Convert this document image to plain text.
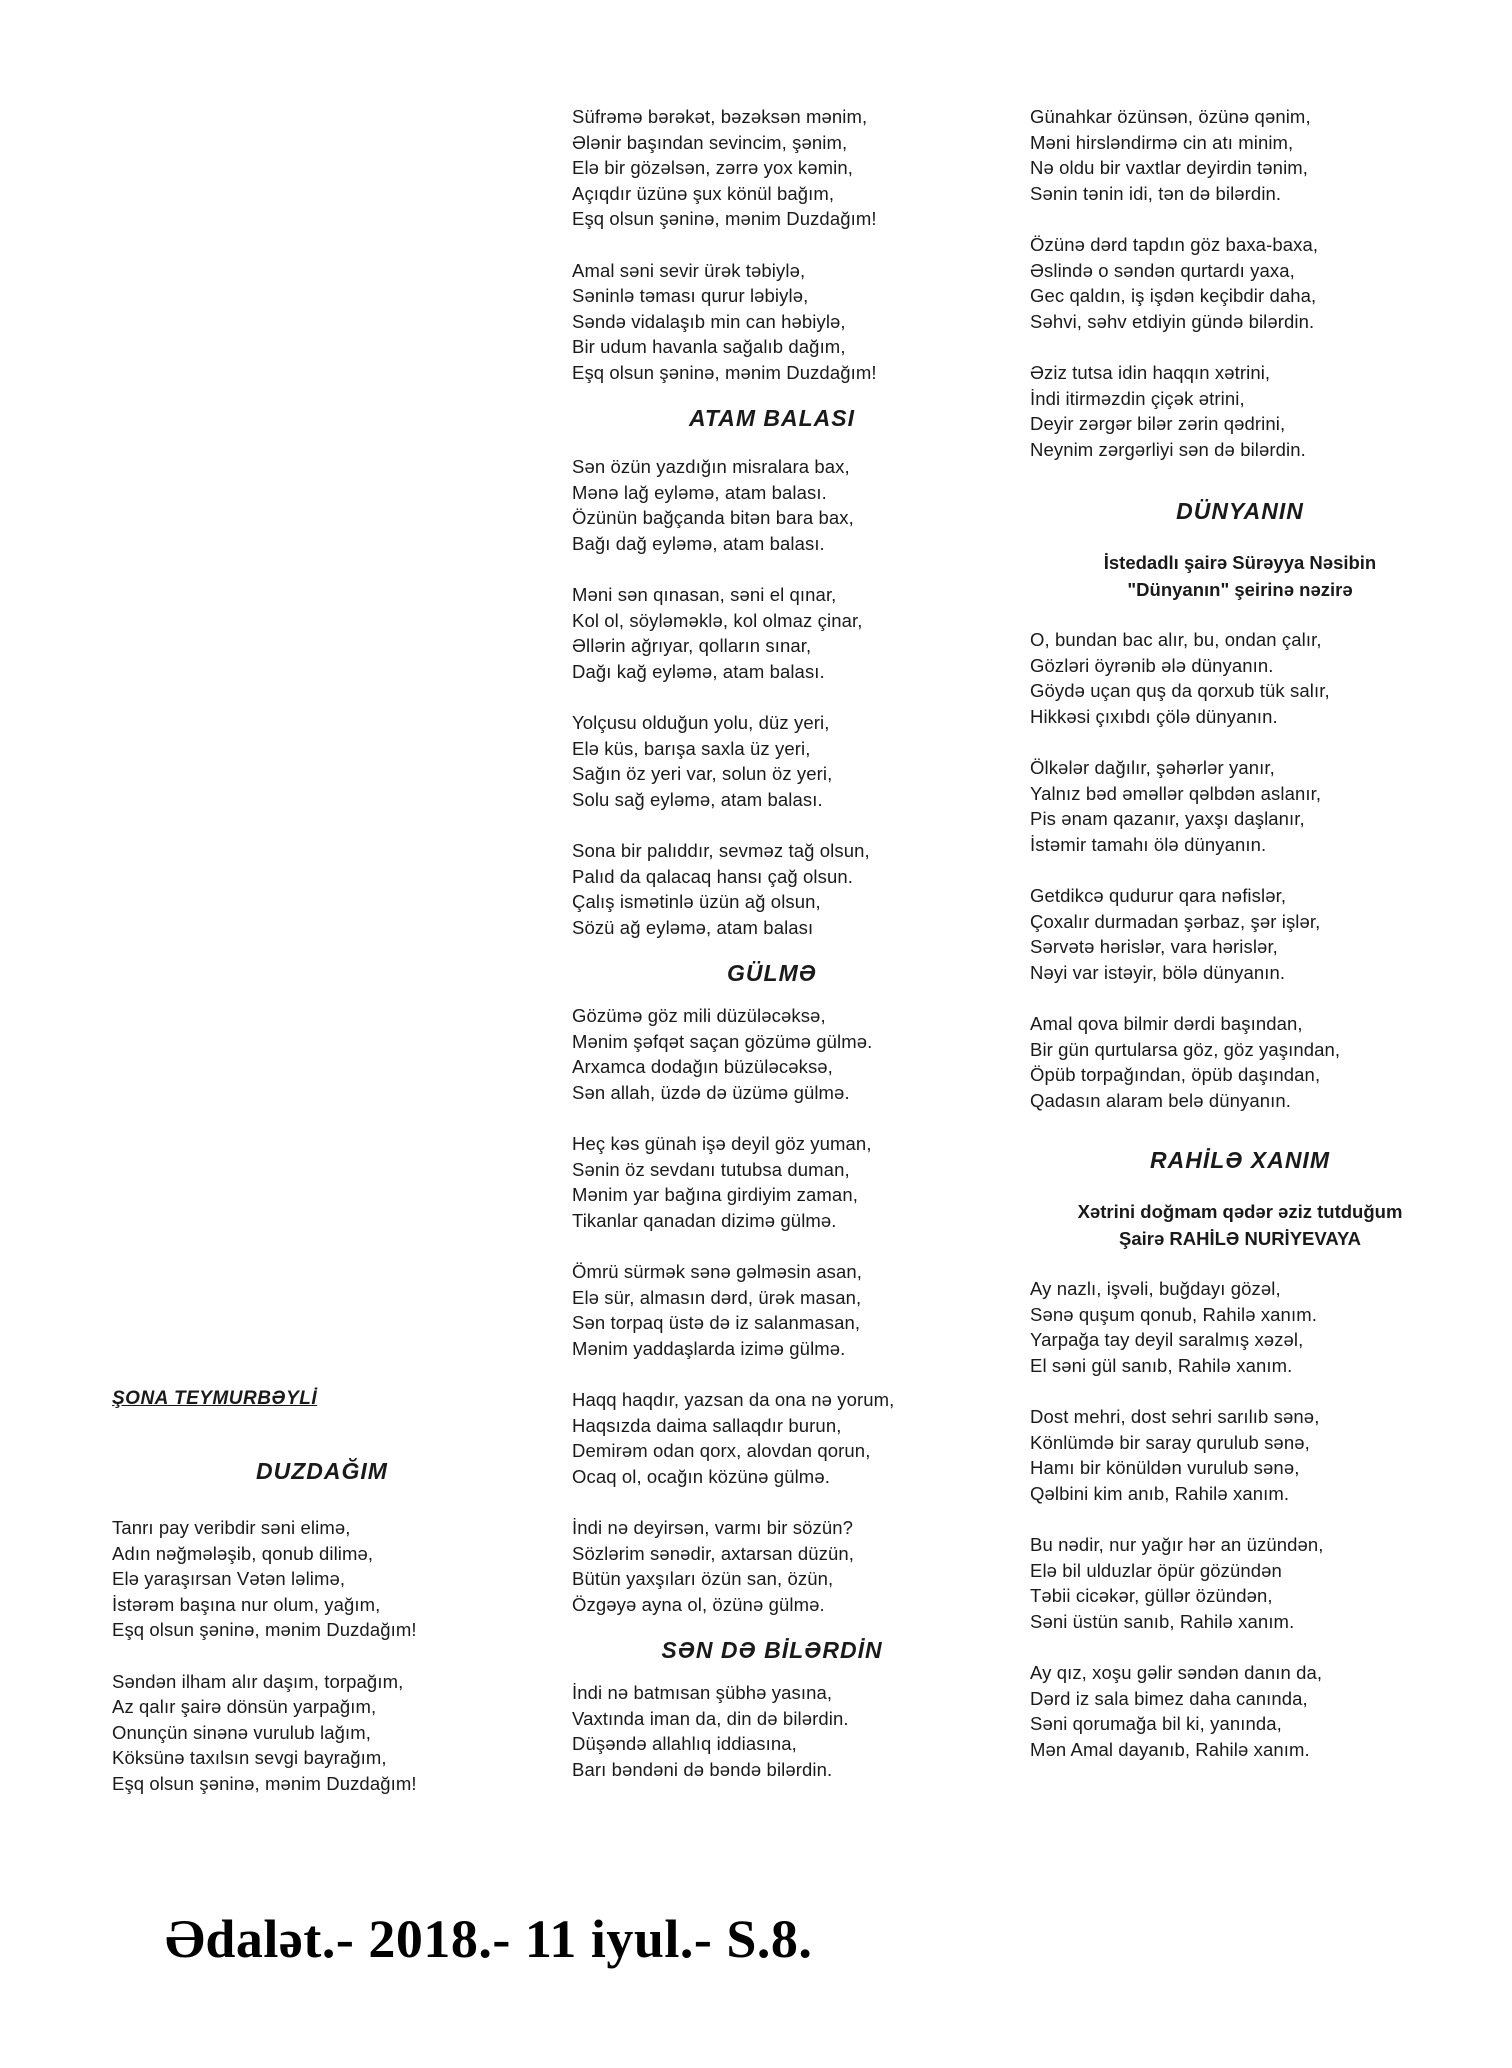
ŞONA TEYMURBƏYLİ
DUZDAĞIM
Tanrı pay veribdir səni elimə,
Adın nəğmələşib, qonub dilimə,
Elə yaraşırsan Vətən ləlimə,
İstərəm başına nur olum, yağım,
Eşq olsun şəninə, mənim Duzdağım!
Səndən ilham alır daşım, torpağım,
Az qalır şairə dönsün yarpağım,
Onunçün sinənə vurulub lağım,
Köksünə taxılsın sevgi bayrağım,
Eşq olsun şəninə, mənim Duzdağım!
Süfrəmə bərəkət, bəzəksən mənim,
Ələnir başından sevincim, şənim,
Elə bir gözəlsən, zərrə yox kəmin,
Açıqdır üzünə şux könül bağım,
Eşq olsun şəninə, mənim Duzdağım!
Amal səni sevir ürək təbiylə,
Səninlə təması qurur ləbiylə,
Səndə vidalaşıb min can həbiylə,
Bir udum havanla sağalıb dağım,
Eşq olsun şəninə, mənim Duzdağım!
ATAM BALASI
Sən özün yazdığın misralara bax,
Mənə lağ eyləmə, atam balası.
Özünün bağçanda bitən bara bax,
Bağı dağ eyləmə, atam balası.
Məni sən qınasan, səni el qınar,
Kol ol, söyləməklə, kol olmaz çinar,
Əllərin ağrıyar, qolların sınar,
Dağı kağ eyləmə, atam balası.
Yolçusu olduğun yolu, düz yeri,
Elə küs, barışa saxla üz yeri,
Sağın öz yeri var, solun öz yeri,
Solu sağ eyləmə, atam balası.
Sona bir palıddır, sevməz tağ olsun,
Palıd da qalacaq hansı çağ olsun.
Çalış ismətinlə üzün ağ olsun,
Sözü ağ eyləmə, atam balası
GÜLMƏ
Gözümə göz mili düzüləcəksə,
Mənim şəfqət saçan gözümə gülmə.
Arxamca dodağın büzüləcəksə,
Sən allah, üzdə də üzümə gülmə.
Heç kəs günah işə deyil göz yuman,
Sənin öz sevdanı tutubsa duman,
Mənim yar bağına girdiyim zaman,
Tikanlar qanadan dizimə gülmə.
Ömrü sürmək sənə gəlməsin asan,
Elə sür, almasın dərd, ürək masan,
Sən torpaq üstə də iz salanmasan,
Mənim yaddaşlarda izimə gülmə.
Haqq haqdır, yazsan da ona nə yorum,
Haqsızda daima sallaqdır burun,
Demirəm odan qorx, alovdan qorun,
Ocaq ol, ocağın közünə gülmə.
İndi nə deyirsən, varmı bir sözün?
Sözlərim sənədir, axtarsan düzün,
Bütün yaxşıları özün san, özün,
Özgəyə ayna ol, özünə gülmə.
SƏN DƏ BİLƏRDİN
İndi nə batmısan şübhə yasına,
Vaxtında iman da, din də bilərdin.
Düşəndə allahlıq iddiasına,
Barı bəndəni də bəndə bilərdin.
Günahkar özünsən, özünə qənim,
Məni hirsləndirmə cin atı minim,
Nə oldu bir vaxtlar deyirdin tənim,
Sənin tənin idi, tən də bilərdin.
Özünə dərd tapdın göz baxa-baxa,
Əslində o səndən qurtardı yaxa,
Gec qaldın, iş işdən keçibdir daha,
Səhvi, səhv etdiyin gündə bilərdin.
Əziz tutsa idin haqqın xətrini,
İndi itirməzdin çiçək ətrini,
Deyir zərgər bilər zərin qədrini,
Neynim zərgərliyi sən də bilərdin.
DÜNYANIN
İstedadlı şairə Sürəyya Nəsibin
"Dünyanın" şeirinə nəzirə
O, bundan bac alır, bu, ondan çalır,
Gözləri öyrənib ələ dünyanın.
Göydə uçan quş da qorxub tük salır,
Hikkəsi çıxıbdı çölə dünyanın.
Ölkələr dağılır, şəhərlər yanır,
Yalnız bəd əməllər qəlbdən aslanır,
Pis ənam qazanır, yaxşı daşlanır,
İstəmir tamahı ölə dünyanın.
Getdikcə qudurur qara nəfislər,
Çoxalır durmadan şərbaz, şər işlər,
Sərvətə hərislər, vara hərislər,
Nəyi var istəyir, bölə dünyanın.
Amal qova bilmir dərdi başından,
Bir gün qurtularsa göz, göz yaşından,
Öpüb torpağından, öpüb daşından,
Qadasın alaram belə dünyanın.
RAHİLƏ XANIM
Xətrini doğmam qədər əziz tutduğum
Şairə RAHİLƏ NURİYEVAYA
Ay nazlı, işvəli, buğdayı gözəl,
Sənə quşum qonub, Rahilə xanım.
Yarpağa tay deyil saralmış xəzəl,
El səni gül sanıb, Rahilə xanım.
Dost mehri, dost sehri sarılıb sənə,
Könlümdə bir saray qurulub sənə,
Hamı bir könüldən vurulub sənə,
Qəlbini kim anıb, Rahilə xanım.
Bu nədir, nur yağır hər an üzündən,
Elə bil ulduzlar öpür gözündən
Təbii cicəkər, güllər özündən,
Səni üstün sanıb, Rahilə xanım.
Ay qız, xoşu gəlir səndən danın da,
Dərd iz sala bimez daha canında,
Səni qorumağa bil ki, yanında,
Mən Amal dayanıb, Rahilə xanım.
Ədalət.- 2018.- 11 iyul.- S.8.
